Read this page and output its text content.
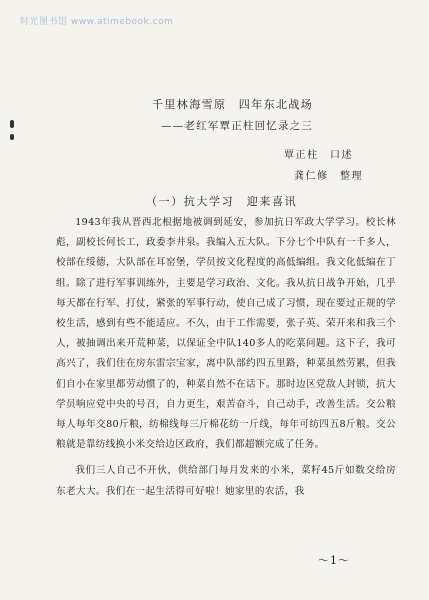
时光图书馆 www.atimebook.com
千里林海雪原　四年东北战场
——老红军覃正柱回忆录之三
覃正柱　口述
龚仁修　整理
（一）抗大学习　迎来喜讯

1943年我从晋西北根据地被调到延安，参加抗日军政大学学习。校长林彪，副校长何长工，政委李井泉。我编入五大队。下分七个中队有一千多人，校部在绥德，大队部在耳窑堡，学员按文化程度的高低编组。我文化低编在丁组。除了进行军事训练外，主要是学习政治、文化。我从抗日战争开始，几乎每天都在行军、打仗，紧张的军事行动，使自己成了习惯，现在要过正规的学校生活，感到有些不能适应。不久，由于工作需要，张子英、荣开来和我三个人，被抽调出来开荒种菜，以保证全中队140多人的吃菜问题。这下子，我可高兴了，我们住在房东雷宗宝家，离中队部约四五里路，种菜虽然劳累，但我们自小在家里都劳动惯了的，种菜自然不在话下。那时边区党敌人封锁，抗大学员响应党中央的号召，自力更生，艰苦奋斗，自己动手，改善生活。交公粮每人每年交80斤粮，纺棉线每三斤棉花纺一斤线，每年可纺四五8斤粮。交公粮就是靠纺线换小米交给边区政府，我们都超额完成了任务。

我们三人自己不开伙，供给部门每月发来的小米，菜籽45斤如数交给房东老大大。我们在一起生活得可好啦！她家里的农活，我

～1～
